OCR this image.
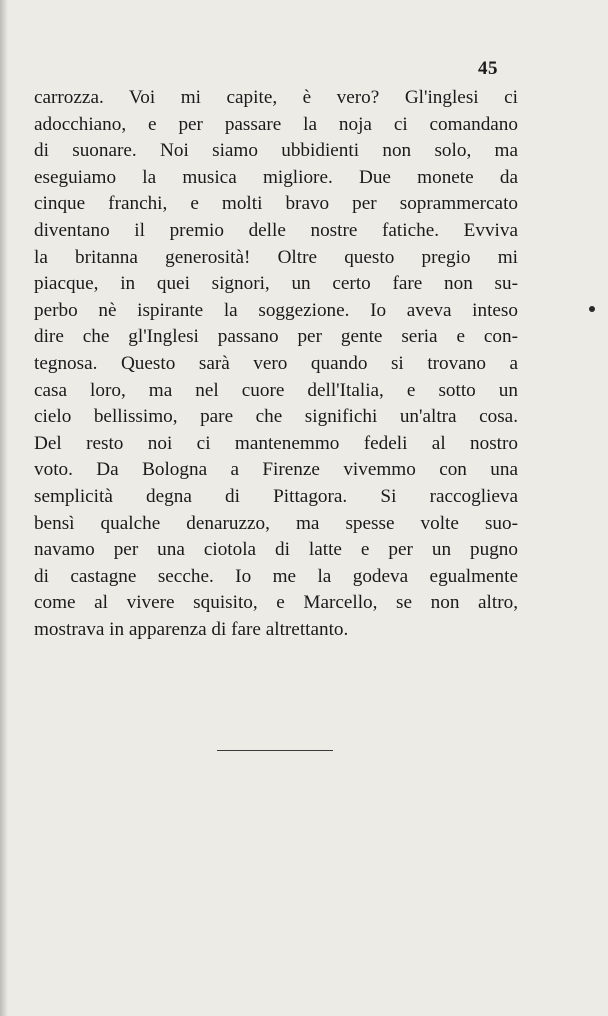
45
carrozza. Voi mi capite, è vero? Gl'inglesi ci
adocchiano, e per passare la noja ci comandano
di suonare. Noi siamo ubbidienti non solo, ma
eseguiamo la musica migliore. Due monete da
cinque franchi, e molti bravo per soprammercato
diventano il premio delle nostre fatiche. Evviva
la britanna generosità! Oltre questo pregio mi
piacque, in quei signori, un certo fare non su-
perbo nè ispirante la soggezione. Io aveva inteso
dire che gl'Inglesi passano per gente seria e con-
tegnosa. Questo sarà vero quando si trovano a
casa loro, ma nel cuore dell'Italia, e sotto un
cielo bellissimo, pare che significhi un'altra cosa.
Del resto noi ci mantenemmo fedeli al nostro
voto. Da Bologna a Firenze vivemmo con una
semplicità degna di Pittagora. Si raccoglieva
bensì qualche denaruzzo, ma spesse volte suo-
navamo per una ciotola di latte e per un pugno
di castagne secche. Io me la godeva egualmente
come al vivere squisito, e Marcello, se non altro,
mostrava in apparenza di fare altrettanto.
